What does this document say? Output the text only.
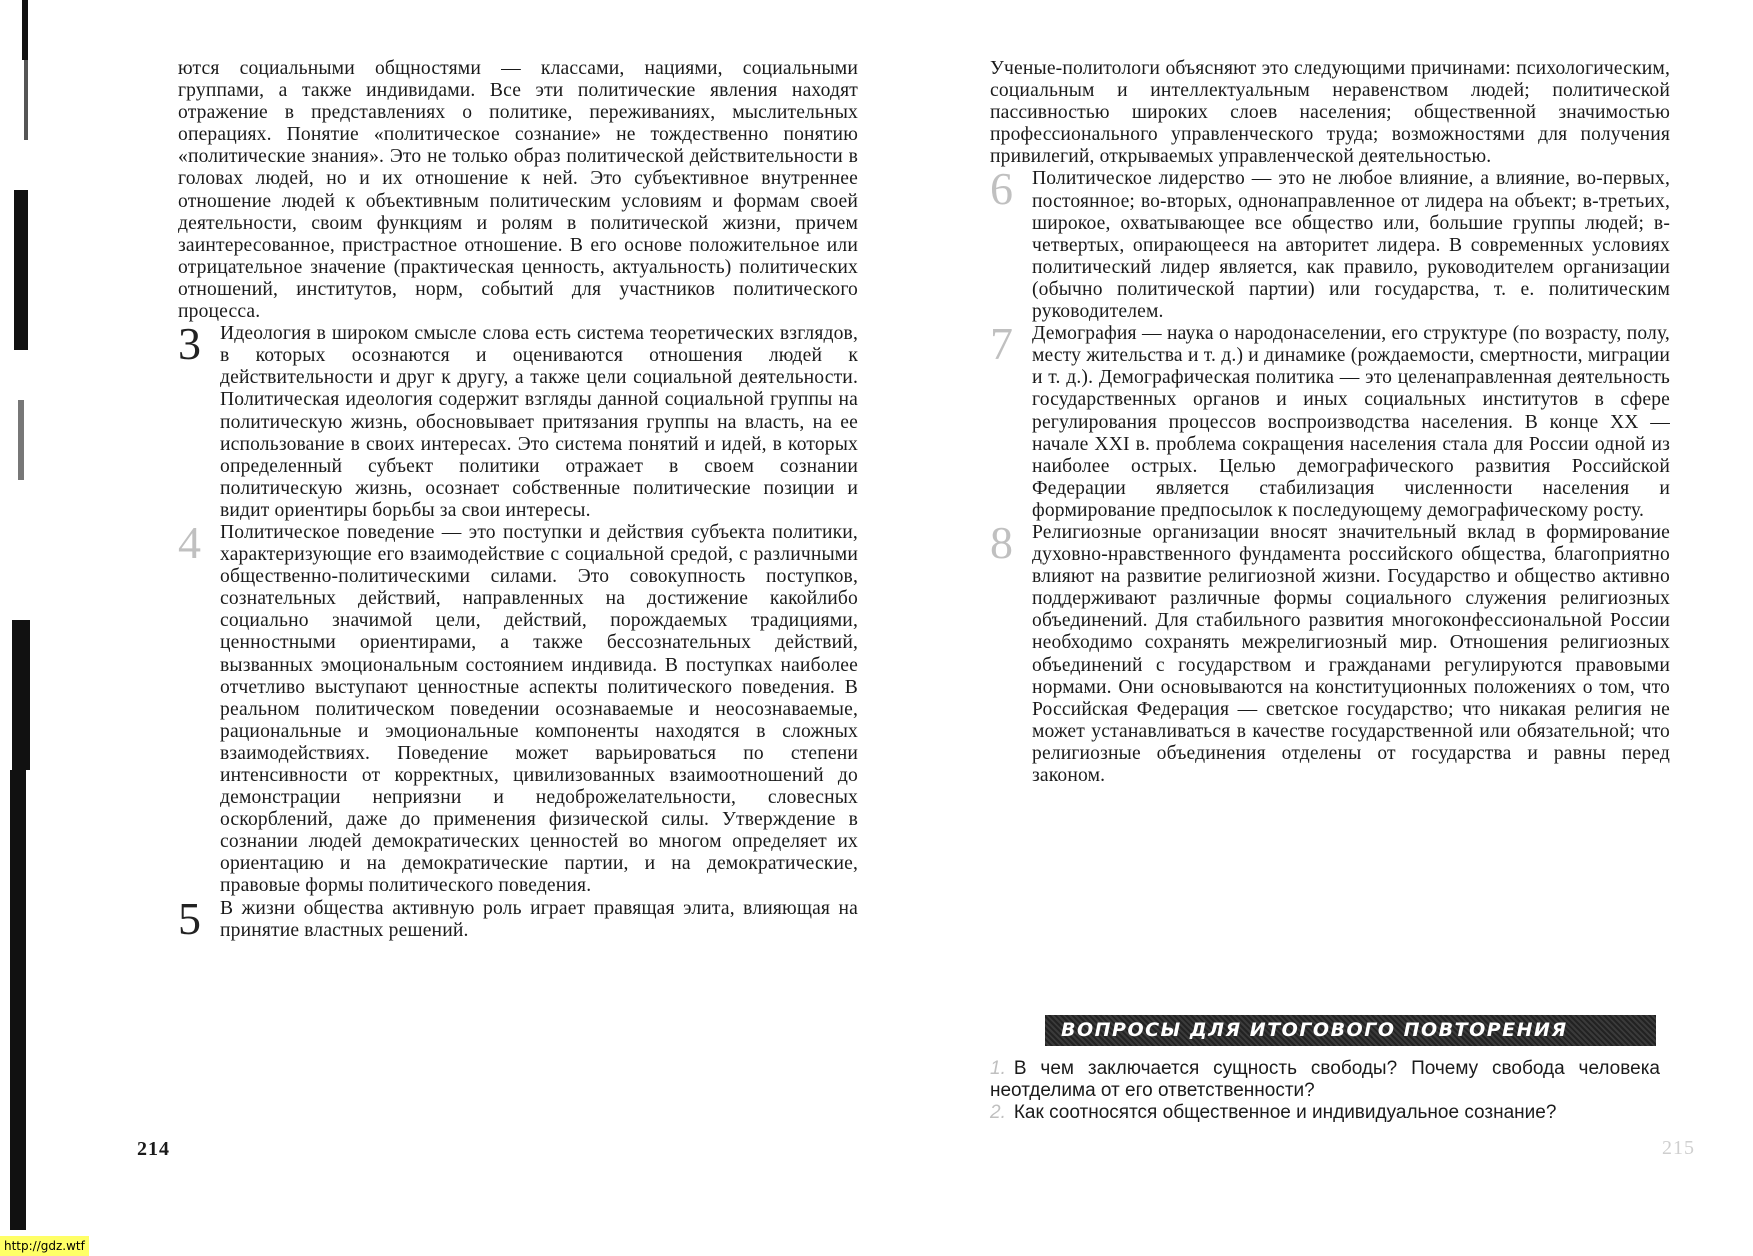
ются социальными общностями — классами, нациями, социальными группами, а также индивидами. Все эти политические явления находят отражение в представлениях о политике, переживаниях, мыслительных операциях. Понятие «политическое сознание» не тождественно понятию «политические знания». Это не только образ политической действительности в головах людей, но и их отношение к ней. Это субъективное внутреннее отношение людей к объективным политическим условиям и формам своей деятельности, своим функциям и ролям в политической жизни, причем заинтересованное, пристрастное отношение. В его основе положительное или отрицательное значение (практическая ценность, актуальность) политических отношений, институтов, норм, событий для участников политического процесса.

3 Идеология в широком смысле слова есть система теоретических взглядов, в которых осознаются и оцениваются отношения людей к действительности и друг к другу, а также цели социальной деятельности. Политическая идеология содержит взгляды данной социальной группы на политическую жизнь, обосновывает притязания группы на власть, на ее использование в своих интересах. Это система понятий и идей, в которых определенный субъект политики отражает в своем сознании политическую жизнь, осознает собственные политические позиции и видит ориентиры борьбы за свои интересы.

4 Политическое поведение — это поступки и действия субъекта политики, характеризующие его взаимодействие с социальной средой, с различными общественно-политическими силами. Это совокупность поступков, сознательных действий, направленных на достижение какойлибо социально значимой цели, действий, порождаемых традициями, ценностными ориентирами, а также бессознательных действий, вызванных эмоциональным состоянием индивида. В поступках наиболее отчетливо выступают ценностные аспекты политического поведения. В реальном политическом поведении осознаваемые и неосознаваемые, рациональные и эмоциональные компоненты находятся в сложных взаимодействиях. Поведение может варьироваться по степени интенсивности от корректных, цивилизованных взаимоотношений до демонстрации неприязни и недоброжелательности, словесных оскорблений, даже до применения физической силы. Утверждение в сознании людей демократических ценностей во многом определяет их ориентацию и на демократические партии, и на демократические, правовые формы политического поведения.

5 В жизни общества активную роль играет правящая элита, влияющая на принятие властных решений.

214

Ученые-политологи объясняют это следующими причинами: психологическим, социальным и интеллектуальным неравенством людей; политической пассивностью широких слоев населения; общественной значимостью профессионального управленческого труда; возможностями для получения привилегий, открываемых управленческой деятельностью.

6 Политическое лидерство — это не любое влияние, а влияние, во-первых, постоянное; во-вторых, однонаправленное от лидера на объект; в-третьих, широкое, охватывающее все общество или, большие группы людей; в-четвертых, опирающееся на авторитет лидера. В современных условиях политический лидер является, как правило, руководителем организации (обычно политической партии) или государства, т. е. политическим руководителем.

7 Демография — наука о народонаселении, его структуре (по возрасту, полу, месту жительства и т. д.) и динамике (рождаемости, смертности, миграции и т. д.). Демографическая политика — это целенаправленная деятельность государственных органов и иных социальных институтов в сфере регулирования процессов воспроизводства населения. В конце XX — начале XXI в. проблема сокращения населения стала для России одной из наиболее острых. Целью демографического развития Российской Федерации является стабилизация численности населения и формирование предпосылок к последующему демографическому росту.

8 Религиозные организации вносят значительный вклад в формирование духовно-нравственного фундамента российского общества, благоприятно влияют на развитие религиозной жизни. Государство и общество активно поддерживают различные формы социального служения религиозных объединений. Для стабильного развития многоконфессиональной России необходимо сохранять межрелигиозный мир. Отношения религиозных объединений с государством и гражданами регулируются правовыми нормами. Они основываются на конституционных положениях о том, что Российская Федерация — светское государство; что никакая религия не может устанавливаться в качестве государственной или обязательной; что религиозные объединения отделены от государства и равны перед законом.

ВОПРОСЫ ДЛЯ ИТОГОВОГО ПОВТОРЕНИЯ

1. В чем заключается сущность свободы? Почему свобода человека неотделима от его ответственности?

2. Как соотносятся общественное и индивидуальное сознание?

215
http://gdz.wtf
